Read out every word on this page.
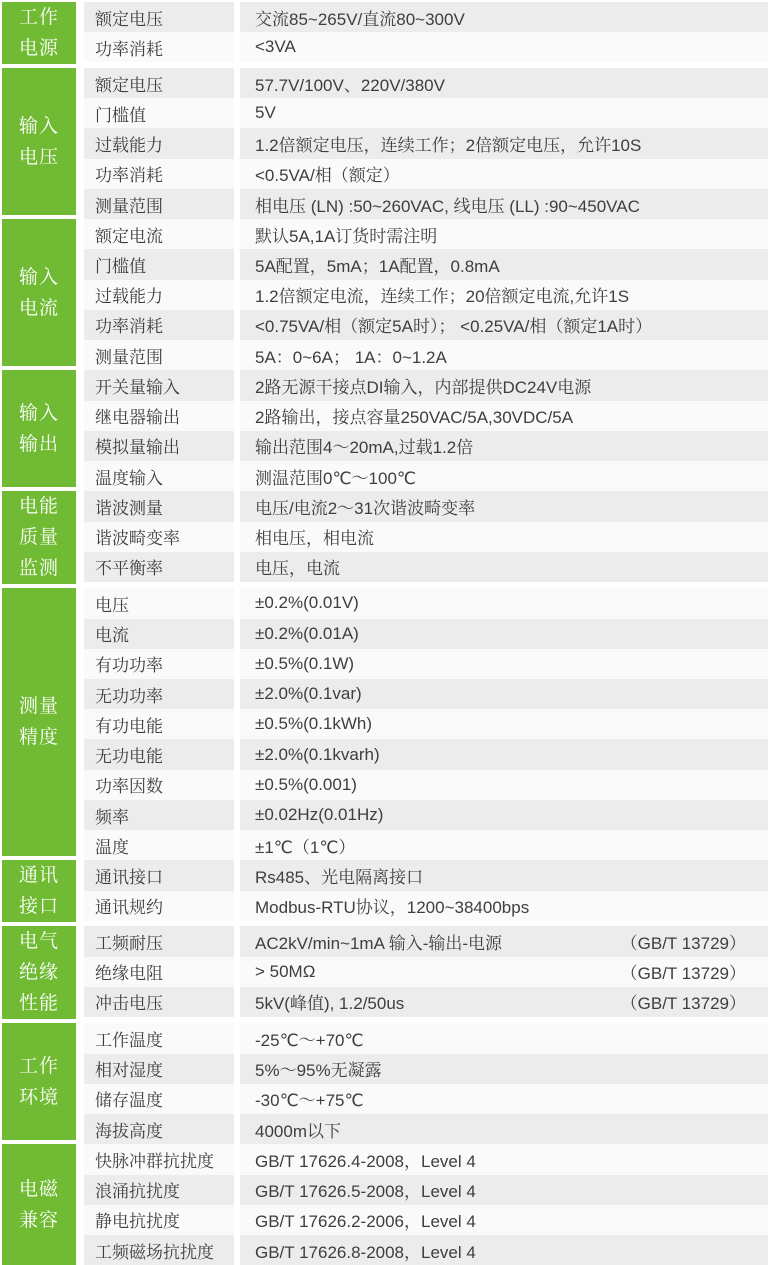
工作
电源
额定电压	交流85~265V/直流80~300V
功率消耗	<3VA
输入
电压
额定电压	57.7V/100V、220V/380V
门槛值	5V
过载能力	1.2倍额定电压，连续工作；2倍额定电压，允许10S
功率消耗	<0.5VA/相（额定）
测量范围	相电压 (LN) :50~260VAC, 线电压 (LL) :90~450VAC
输入
电流
额定电流	默认5A,1A订货时需注明
门槛值	5A配置，5mA；1A配置，0.8mA
过载能力	1.2倍额定电流，连续工作；20倍额定电流,允许1S
功率消耗	<0.75VA/相（额定5A时）； <0.25VA/相（额定1A时）
测量范围	5A：0~6A； 1A：0~1.2A
输入
输出
开关量输入	2路无源干接点DI输入，内部提供DC24V电源
继电器输出	2路输出，接点容量250VAC/5A,30VDC/5A
模拟量输出	输出范围4～20mA,过载1.2倍
温度输入	测温范围0℃～100℃
电能
质量
监测
谐波测量	电压/电流2～31次谐波畸变率
谐波畸变率	相电压，相电流
不平衡率	电压，电流
测量
精度
电压	±0.2%(0.01V)
电流	±0.2%(0.01A)
有功功率	±0.5%(0.1W)
无功功率	±2.0%(0.1var)
有功电能	±0.5%(0.1kWh)
无功电能	±2.0%(0.1kvarh)
功率因数	±0.5%(0.001)
频率	±0.02Hz(0.01Hz)
温度	±1℃（1℃）
通讯
接口
通讯接口	Rs485、光电隔离接口
通讯规约	Modbus-RTU协议，1200~38400bps
电气
绝缘
性能
工频耐压	AC2kV/min~1mA 输入-输出-电源	（GB/T 13729）
绝缘电阻	> 50MΩ	（GB/T 13729）
冲击电压	5kV(峰值), 1.2/50us	（GB/T 13729）
工作
环境
工作温度	-25℃～+70℃
相对湿度	5%～95%无凝露
储存温度	-30℃～+75℃
海拔高度	4000m以下
电磁
兼容
快脉冲群抗扰度	GB/T 17626.4-2008，Level 4
浪涌抗扰度	GB/T 17626.5-2008，Level 4
静电抗扰度	GB/T 17626.2-2006，Level 4
工频磁场抗扰度	GB/T 17626.8-2008，Level 4
